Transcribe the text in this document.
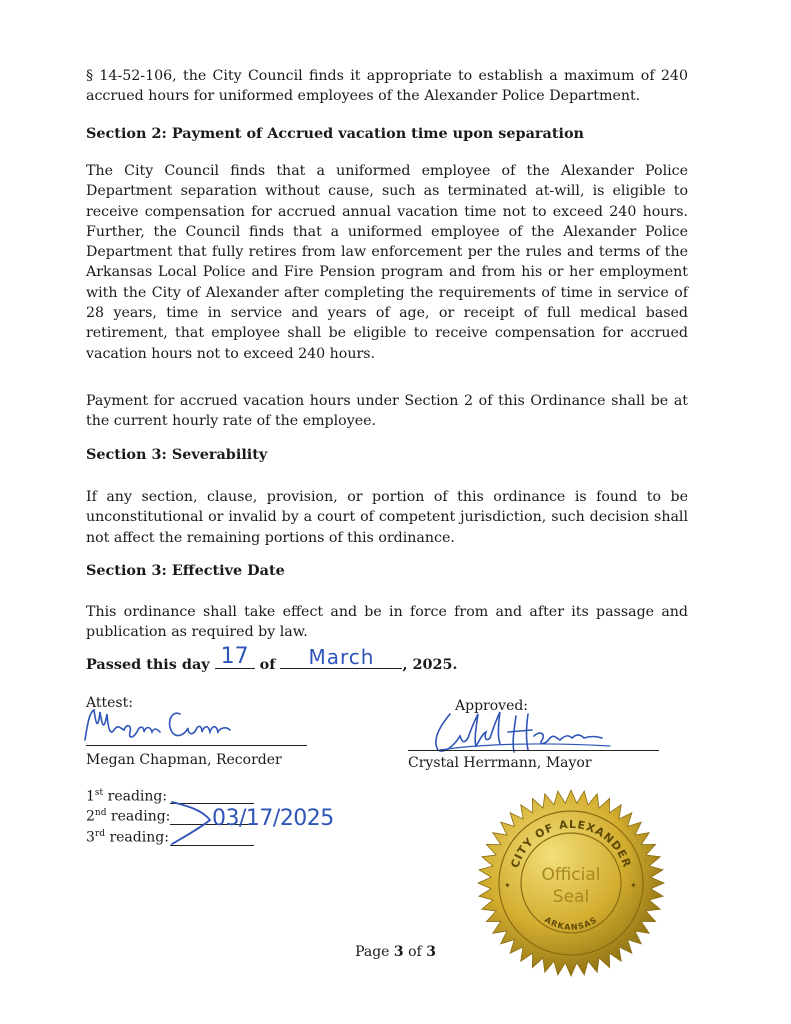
§ 14-52-106, the City Council finds it appropriate to establish a maximum of 240 accrued hours for uniformed employees of the Alexander Police Department.

Section 2: Payment of Accrued vacation time upon separation

The City Council finds that a uniformed employee of the Alexander Police Department separation without cause, such as terminated at-will, is eligible to receive compensation for accrued annual vacation time not to exceed 240 hours. Further, the Council finds that a uniformed employee of the Alexander Police Department that fully retires from law enforcement per the rules and terms of the Arkansas Local Police and Fire Pension program and from his or her employment with the City of Alexander after completing the requirements of time in service of 28 years, time in service and years of age, or receipt of full medical based retirement, that employee shall be eligible to receive compensation for accrued vacation hours not to exceed 240 hours.

Payment for accrued vacation hours under Section 2 of this Ordinance shall be at the current hourly rate of the employee.

Section 3: Severability

If any section, clause, provision, or portion of this ordinance is found to be unconstitutional or invalid by a court of competent jurisdiction, such decision shall not affect the remaining portions of this ordinance.

Section 3: Effective Date

This ordinance shall take effect and be in force from and after its passage and publication as required by law.

Passed this day 17 of	March	, 2025.
Attest:
Megan Chapman, Recorder
Approved:
Crystal Herrmann, Mayor
1st reading:
2nd reading:
3rd reading:
03/17/2025
CITY OF ALEXANDER
ARKANSAS
Official
Seal
✦	✦
Page 3 of 3
